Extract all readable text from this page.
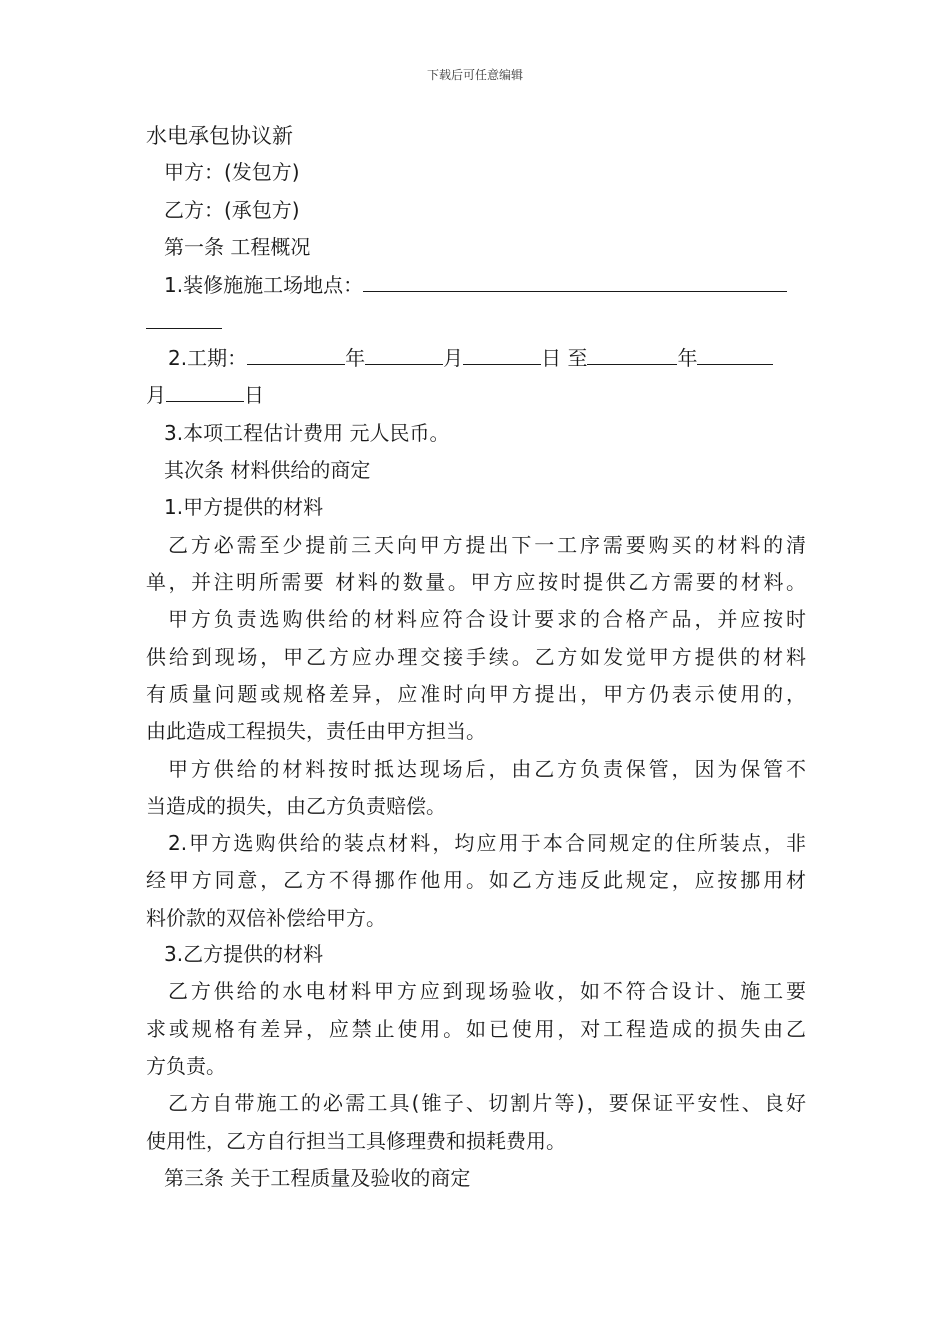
下载后可任意编辑
水电承包协议新
甲方：(发包方)
乙方：(承包方)
第一条 工程概况
1.装修施施工场地点：
2.工期：	年	月	日 至	年
月	日
3.本项工程估计费用 元人民币。
其次条 材料供给的商定
1.甲方提供的材料
乙方必需至少提前三天向甲方提出下一工序需要购买的材料的清
单，并注明所需要 材料的数量。甲方应按时提供乙方需要的材料。
甲方负责选购供给的材料应符合设计要求的合格产品，并应按时
供给到现场，甲乙方应办理交接手续。乙方如发觉甲方提供的材料
有质量问题或规格差异，应准时向甲方提出，甲方仍表示使用的，
由此造成工程损失，责任由甲方担当。
甲方供给的材料按时抵达现场后，由乙方负责保管，因为保管不
当造成的损失，由乙方负责赔偿。
2.甲方选购供给的装点材料，均应用于本合同规定的住所装点，非
经甲方同意，乙方不得挪作他用。如乙方违反此规定，应按挪用材
料价款的双倍补偿给甲方。
3.乙方提供的材料
乙方供给的水电材料甲方应到现场验收，如不符合设计、施工要
求或规格有差异，应禁止使用。如已使用，对工程造成的损失由乙
方负责。
乙方自带施工的必需工具(锥子、切割片等)，要保证平安性、良好
使用性，乙方自行担当工具修理费和损耗费用。
第三条 关于工程质量及验收的商定
